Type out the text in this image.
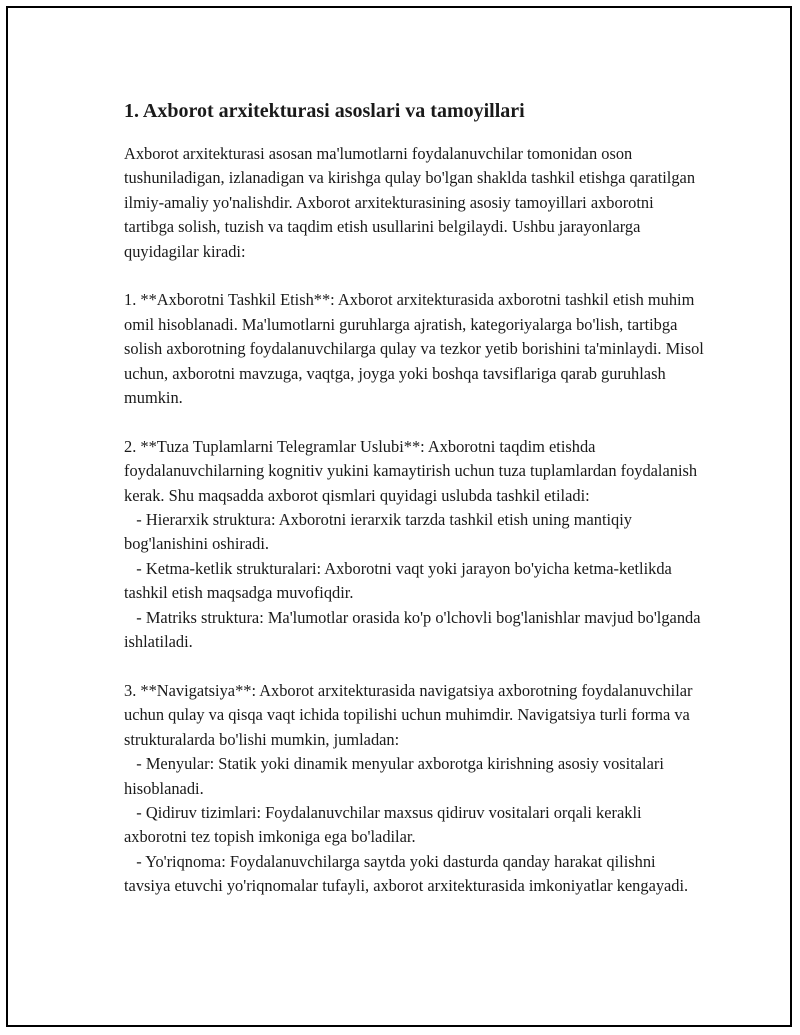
1. Axborot arxitekturasi asoslari va tamoyillari

Axborot arxitekturasi asosan ma'lumotlarni foydalanuvchilar tomonidan oson tushuniladigan, izlanadigan va kirishga qulay bo'lgan shaklda tashkil etishga qaratilgan ilmiy-amaliy yo'nalishdir. Axborot arxitekturasining asosiy tamoyillari axborotni tartibga solish, tuzish va taqdim etish usullarini belgilaydi. Ushbu jarayonlarga quyidagilar kiradi:

1. **Axborotni Tashkil Etish**: Axborot arxitekturasida axborotni tashkil etish muhim omil hisoblanadi. Ma'lumotlarni guruhlarga ajratish, kategoriyalarga bo'lish, tartibga solish axborotning foydalanuvchilarga qulay va tezkor yetib borishini ta'minlaydi. Misol uchun, axborotni mavzuga, vaqtga, joyga yoki boshqa tavsiflariga qarab guruhlash mumkin.

2. **Tuza Tuplamlarni Telegramlar Uslubi**: Axborotni taqdim etishda foydalanuvchilarning kognitiv yukini kamaytirish uchun tuza tuplamlardan foydalanish kerak. Shu maqsadda axborot qismlari quyidagi uslubda tashkil etiladi:

- Hierarxik struktura: Axborotni ierarxik tarzda tashkil etish uning mantiqiy bog'lanishini oshiradi.

- Ketma-ketlik strukturalari: Axborotni vaqt yoki jarayon bo'yicha ketma-ketlikda tashkil etish maqsadga muvofiqdir.

- Matriks struktura: Ma'lumotlar orasida ko'p o'lchovli bog'lanishlar mavjud bo'lganda ishlatiladi.

3. **Navigatsiya**: Axborot arxitekturasida navigatsiya axborotning foydalanuvchilar uchun qulay va qisqa vaqt ichida topilishi uchun muhimdir. Navigatsiya turli forma va strukturalarda bo'lishi mumkin, jumladan:

- Menyular: Statik yoki dinamik menyular axborotga kirishning asosiy vositalari hisoblanadi.

- Qidiruv tizimlari: Foydalanuvchilar maxsus qidiruv vositalari orqali kerakli axborotni tez topish imkoniga ega bo'ladilar.

- Yo'riqnoma: Foydalanuvchilarga saytda yoki dasturda qanday harakat qilishni tavsiya etuvchi yo'riqnomalar tufayli, axborot arxitekturasida imkoniyatlar kengayadi.
